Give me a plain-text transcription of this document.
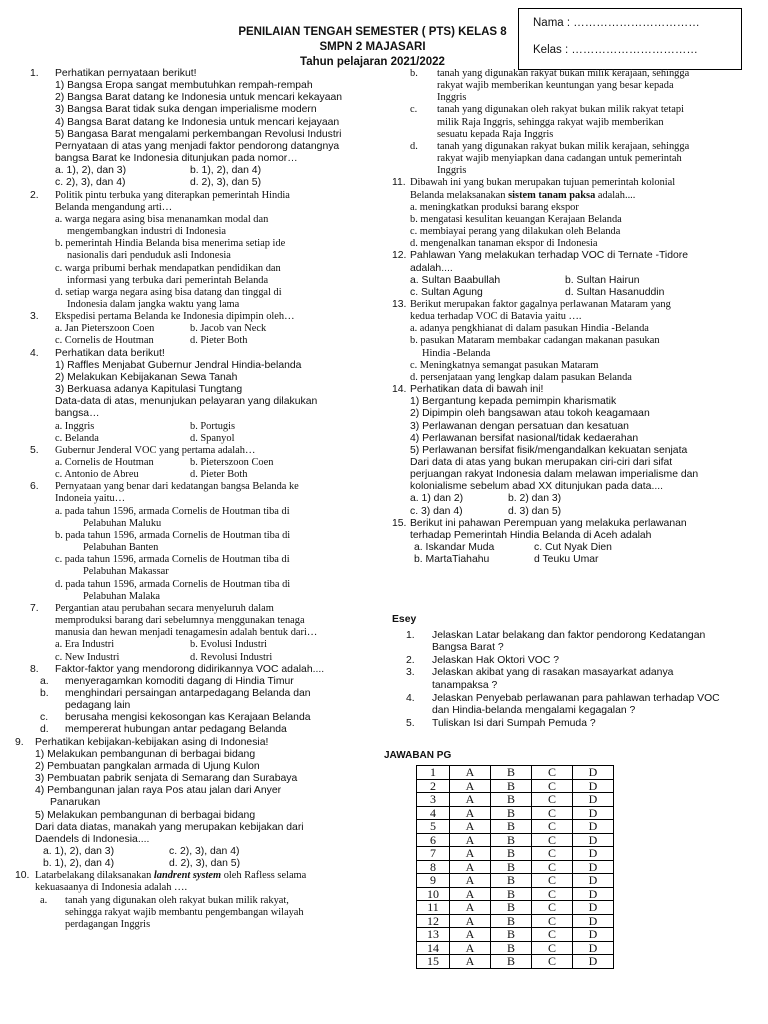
PENILAIAN TENGAH SEMESTER ( PTS) KELAS 8
SMPN 2 MAJASARI
Tahun pelajaran 2021/2022
Nama : ……………………………
Kelas : ……………………………
1. Perhatikan pernyataan berikut!
1) Bangsa Eropa sangat membutuhkan rempah-rempah
2) Bangsa Barat datang ke Indonesia untuk mencari kekayaan
3) Bangsa Barat tidak suka dengan imperialisme modern
4) Bangsa Barat datang ke Indonesia untuk mencari kejayaan
5) Bangasa Barat mengalami perkembangan Revolusi Industri
Pernyataan di atas yang menjadi faktor pendorong datangnya
bangsa Barat ke Indonesia ditunjukan pada nomor…
a. 1), 2), dan 3)	b. 1), 2), dan 4)
c. 2), 3), dan 4)	d. 2), 3), dan 5)
2. Politik pintu terbuka yang diterapkan pemerintah Hindia
Belanda mengandung arti…
a. warga negara asing bisa menanamkan modal dan
mengembangkan industri di Indonesia
b. pemerintah Hindia Belanda bisa menerima setiap ide
nasionalis dari penduduk asli Indonesia
c. warga pribumi berhak mendapatkan pendidikan dan
informasi yang terbuka dari pemerintah Belanda
d. setiap warga negara asing bisa datang dan tinggal di
Indonesia dalam jangka waktu yang lama
3. Ekspedisi pertama Belanda ke Indonesia dipimpin oleh…
a. Jan Pieterszoon Coen	b. Jacob van Neck
c. Cornelis de Houtman	d. Pieter Both
4. Perhatikan data berikut!
1) Raffles Menjabat Gubernur Jendral Hindia-belanda
2) Melakukan Kebijakanan Sewa Tanah
3) Berkuasa adanya Kapitulasi Tungtang
Data-data di atas, menunjukan pelayaran yang dilakukan
bangsa…
a. Inggris	b. Portugis
c. Belanda	d. Spanyol
5. Gubernur Jenderal VOC yang pertama adalah…
a. Cornelis de Houtman	b. Pieterszoon Coen
c. Antonio de Abreu	d. Pieter Both
6. Pernyataan yang benar dari kedatangan bangsa Belanda ke
Indoneia yaitu…
a. pada tahun 1596, armada Cornelis de Houtman tiba di
Pelabuhan Maluku
b. pada tahun 1596, armada Cornelis de Houtman tiba di
Pelabuhan Banten
c. pada tahun 1596, armada Cornelis de Houtman tiba di
Pelabuhan Makassar
d. pada tahun 1596, armada Cornelis de Houtman tiba di
Pelabuhan Malaka
7. Pergantian atau perubahan secara menyeluruh dalam
memproduksi barang dari sebelumnya menggunakan tenaga
manusia dan hewan menjadi tenagamesin adalah bentuk dari…
a. Era Industri	b. Evolusi Industri
c. New Industri	d. Revolusi Industri
8. Faktor-faktor yang mendorong didirikannya VOC adalah....
a. menyeragamkan komoditi dagang di Hindia Timur
b. menghindari persaingan antarpedagang Belanda dan
pedagang lain
c. berusaha mengisi kekosongan kas Kerajaan Belanda
d. mempererat hubungan antar pedagang Belanda
9. Perhatikan kebijakan-kebijakan asing di Indonesia!
1) Melakukan pembangunan di berbagai bidang
2) Pembuatan pangkalan armada di Ujung Kulon
3) Pembuatan pabrik senjata di Semarang dan Surabaya
4) Pembangunan jalan raya Pos atau jalan dari Anyer
Panarukan
5) Melakukan pembangunan di berbagai bidang
Dari data diatas, manakah yang merupakan kebijakan dari
Daendels di Indonesia....
a. 1), 2), dan 3)	c. 2), 3), dan 4)
b. 1), 2), dan 4)	d. 2), 3), dan 5)
10. Latarbelakang dilaksanakan landrent system oleh Rafless selama
kekuasaanya di Indonesia adalah ….
a. tanah yang digunakan oleh rakyat bukan milik rakyat,
sehingga rakyat wajib membantu pengembangan wilayah
perdagangan Inggris
b. tanah yang digunakan rakyat bukan milik kerajaan, sehingga
rakyat wajib memberikan keuntungan yang besar kepada
Inggris
c. tanah yang digunakan oleh rakyat bukan milik rakyat tetapi
milik Raja Inggris, sehingga rakyat wajib memberikan
sesuatu kepada Raja Inggris
d. tanah yang digunakan rakyat bukan milik kerajaan, sehingga
rakyat wajib menyiapkan dana cadangan untuk pemerintah
Inggris
11. Dibawah ini yang bukan merupakan tujuan pemerintah kolonial
Belanda melaksanakan sistem tanam paksa adalah....
a. meningkatkan produksi barang ekspor
b. mengatasi kesulitan keuangan Kerajaan Belanda
c. membiayai perang yang dilakukan oleh Belanda
d. mengenalkan tanaman ekspor di Indonesia
12. Pahlawan Yang melakukan terhadap VOC di Ternate -Tidore
adalah....
a. Sultan Baabullah	b. Sultan Hairun
c. Sultan Agung	d. Sultan Hasanuddin
13. Berikut merupakan faktor gagalnya perlawanan Mataram yang
kedua terhadap VOC di Batavia yaitu ….
a. adanya pengkhianat di dalam pasukan Hindia -Belanda
b. pasukan Mataram membakar cadangan makanan pasukan
Hindia -Belanda
c. Meningkatnya semangat pasukan Mataram
d. persenjataan yang lengkap dalam pasukan Belanda
14. Perhatikan data di bawah ini!
1) Bergantung kepada pemimpin kharismatik
2) Dipimpin oleh bangsawan atau tokoh keagamaan
3) Perlawanan dengan persatuan dan kesatuan
4) Perlawanan bersifat nasional/tidak kedaerahan
5) Perlawanan bersifat fisik/mengandalkan kekuatan senjata
Dari data di atas yang bukan merupakan ciri-ciri dari sifat
perjuangan rakyat Indonesia dalam melawan imperialisme dan
kolonialisme sebelum abad XX ditunjukan pada data....
a. 1) dan 2)	b. 2) dan 3)
c. 3) dan 4)	d. 3) dan 5)
15. Berikut ini pahawan Perempuan yang melakuka perlawanan
terhadap Pemerintah Hindia Belanda di Aceh adalah
a. Iskandar Muda	c. Cut Nyak Dien
b. MartaTiahahu	d Teuku Umar
Esey
1. Jelaskan Latar belakang dan faktor pendorong Kedatangan
Bangsa Barat ?
2. Jelaskan Hak Oktori VOC ?
3. Jelaskan akibat yang di rasakan masayarkat adanya
tanampaksa ?
4. Jelaskan Penyebab perlawanan para pahlawan terhadap VOC
dan Hindia-belanda mengalami kegagalan ?
5. Tuliskan Isi dari Sumpah Pemuda ?
JAWABAN PG
1	A	B	C	D
2	A	B	C	D
3	A	B	C	D
4	A	B	C	D
5	A	B	C	D
6	A	B	C	D
7	A	B	C	D
8	A	B	C	D
9	A	B	C	D
10	A	B	C	D
11	A	B	C	D
12	A	B	C	D
13	A	B	C	D
14	A	B	C	D
15	A	B	C	D
